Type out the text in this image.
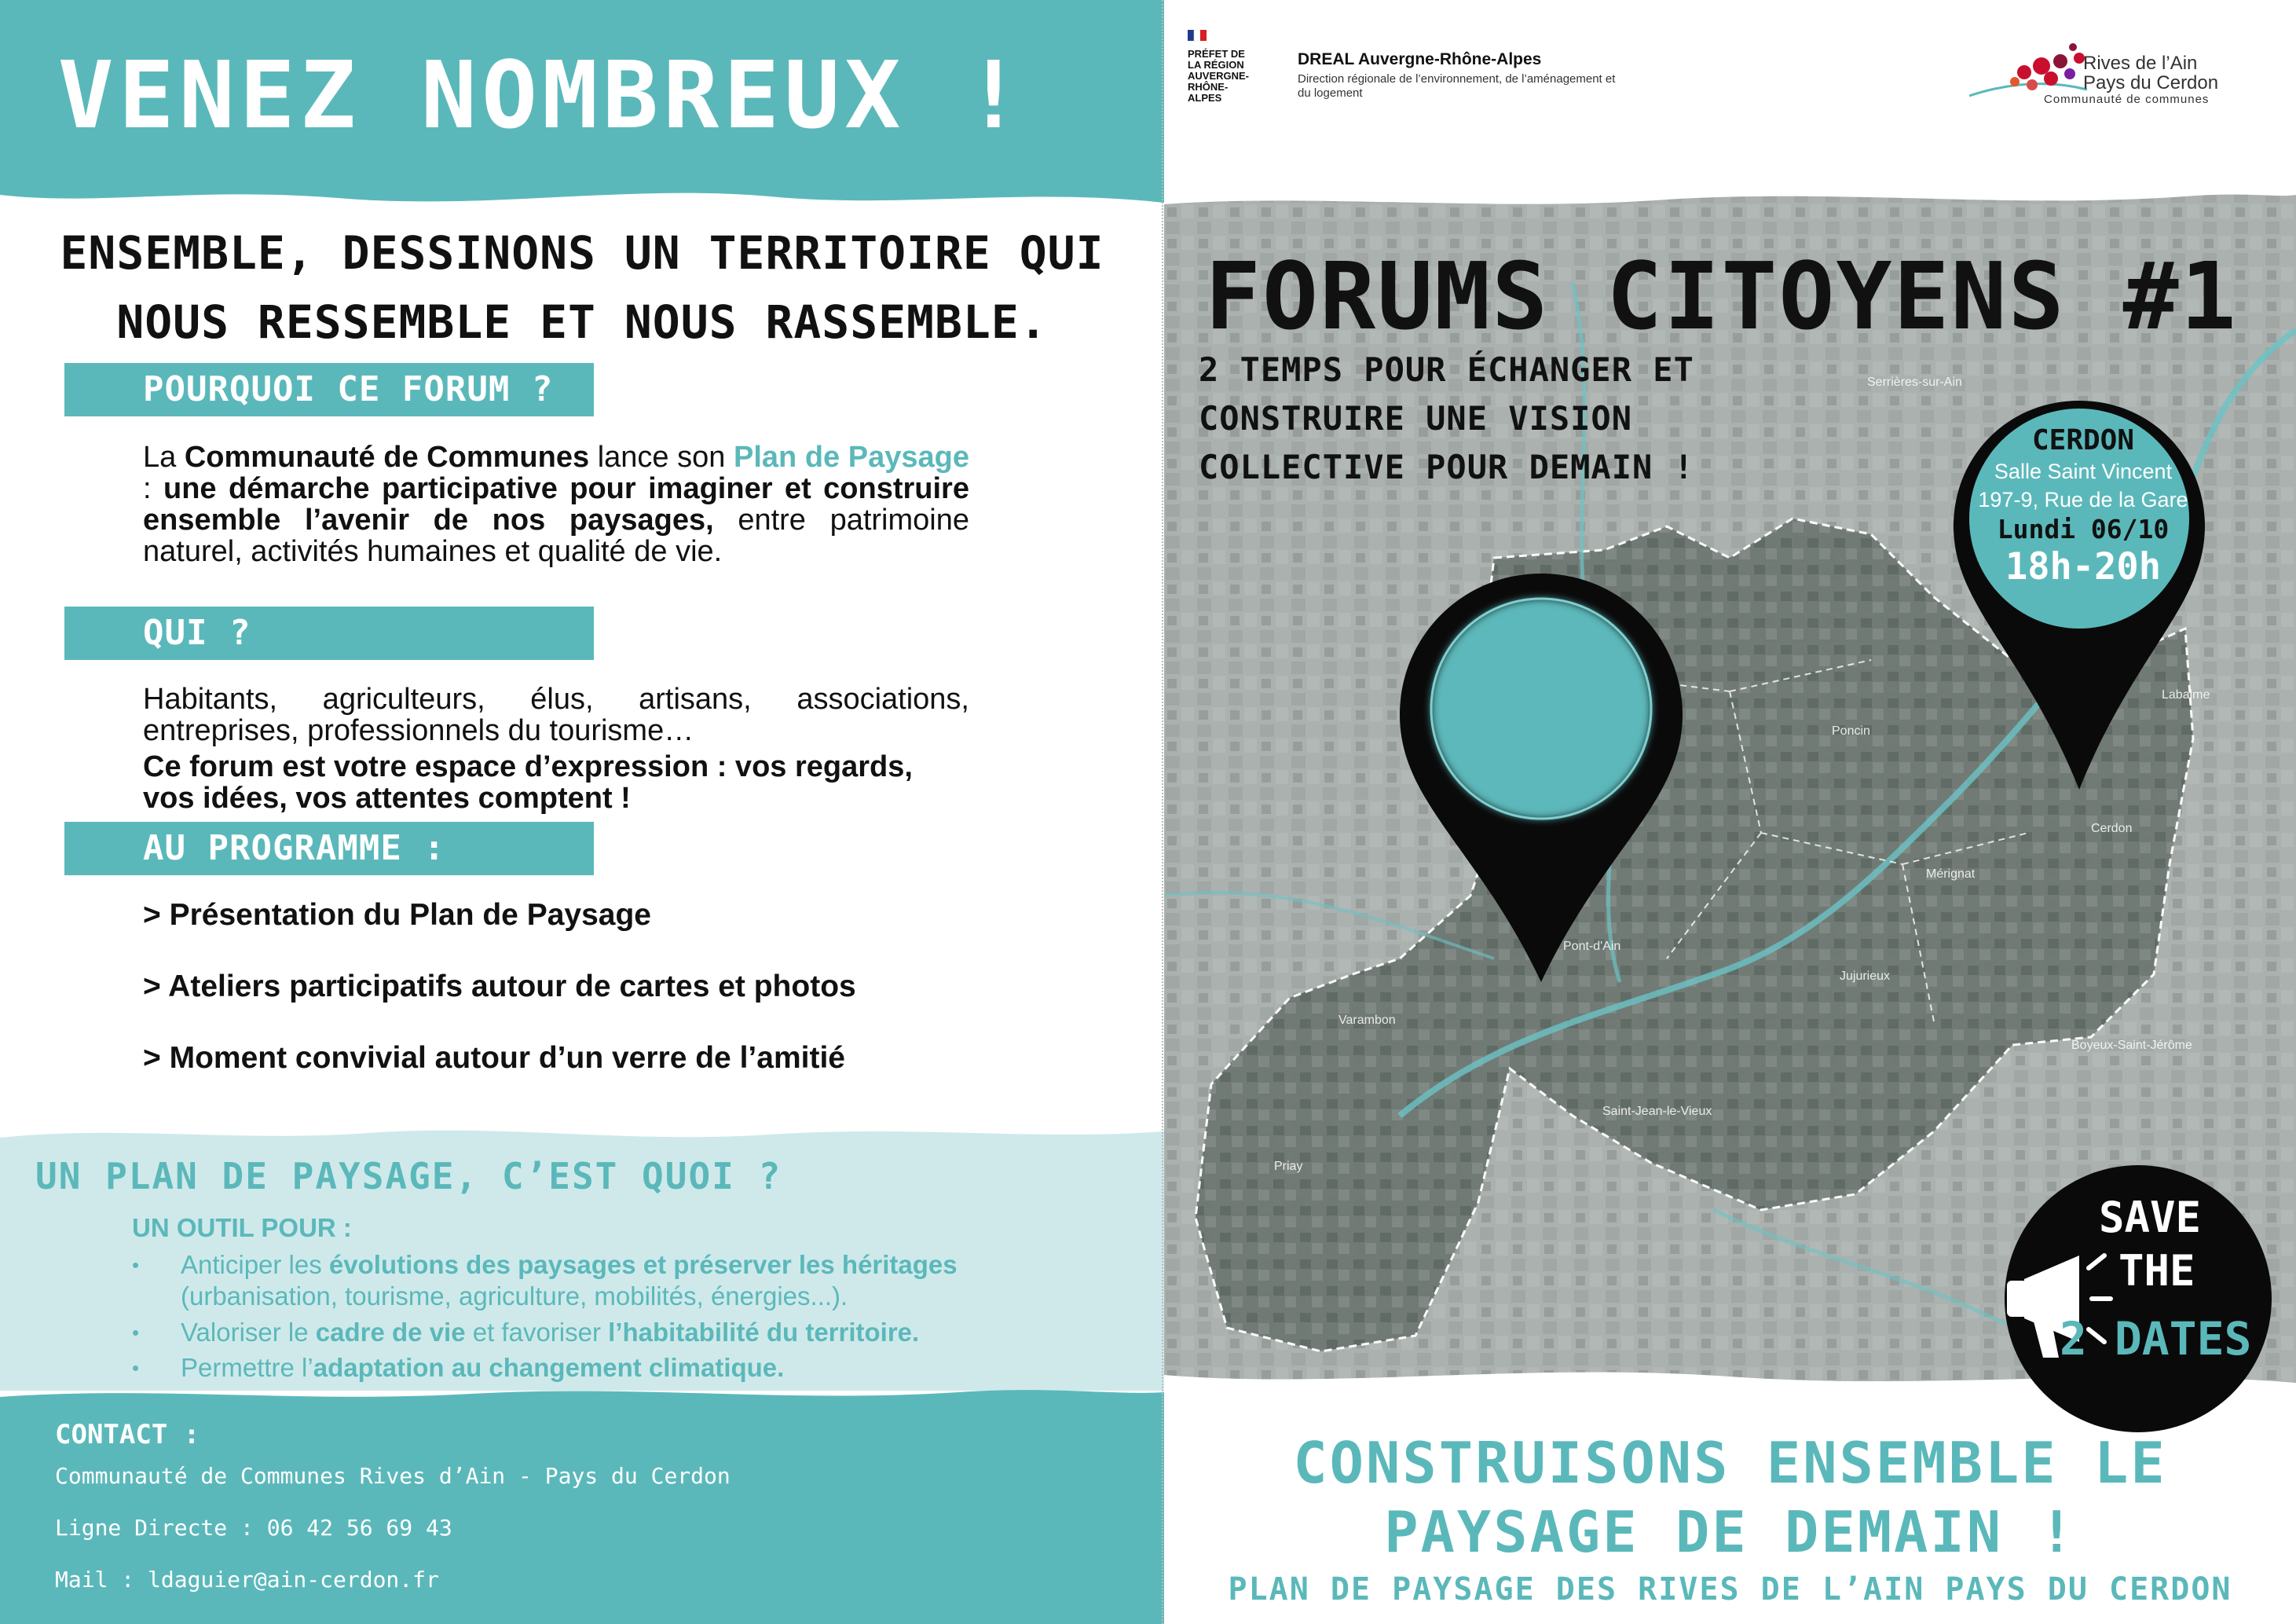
VENEZ NOMBREUX !
ENSEMBLE, DESSINONS UN TERRITOIRE QUI NOUS RESSEMBLE ET NOUS RASSEMBLE.
POURQUOI CE FORUM ?
La Communauté de Communes lance son Plan de Paysage : une démarche participative pour imaginer et construire ensemble l’avenir de nos paysages, entre patrimoine naturel, activités humaines et qualité de vie.
QUI ?
Habitants, agriculteurs, élus, artisans, associations, entreprises, professionnels du tourisme…
Ce forum est votre espace d’expression : vos regards, vos idées, vos attentes comptent !
AU PROGRAMME :
> Présentation du Plan de Paysage
> Ateliers participatifs autour de cartes et photos
> Moment convivial autour d’un verre de l’amitié
UN PLAN DE PAYSAGE, C’EST QUOI ?
UN OUTIL POUR :
• Anticiper les évolutions des paysages et préserver les héritages (urbanisation, tourisme, agriculture, mobilités, énergies...).
• Valoriser le cadre de vie et favoriser l’habitabilité du territoire.
• Permettre l’adaptation au changement climatique.
CONTACT :
Communauté de Communes Rives d’Ain - Pays du Cerdon
Ligne Directe : 06 42 56 69 43
Mail : ldaguier@ain-cerdon.fr
PRÉFET DE LA RÉGION AUVERGNE-RHÔNE-ALPES
DREAL Auvergne-Rhône-Alpes
Direction régionale de l’environnement, de l’aménagement et du logement
Rives de l’Ain
Pays du Cerdon
Communauté de communes
Serrières-sur-Ain
Poncin
Cerdon
Mérignat
Pont-d'Ain
Varambon
Jujurieux
Boyeux-Saint-Jérôme
Saint-Jean-le-Vieux
Priay
Labalme
FORUMS CITOYENS #1
2 TEMPS POUR ÉCHANGER ET CONSTRUIRE UNE VISION COLLECTIVE POUR DEMAIN !
CERDON
Salle Saint Vincent
197-9, Rue de la Gare
Lundi 06/10
18h-20h
SAVE
THE
2 DATES
CONSTRUISONS ENSEMBLE LE PAYSAGE DE DEMAIN !
PLAN DE PAYSAGE DES RIVES DE L’AIN PAYS DU CERDON
